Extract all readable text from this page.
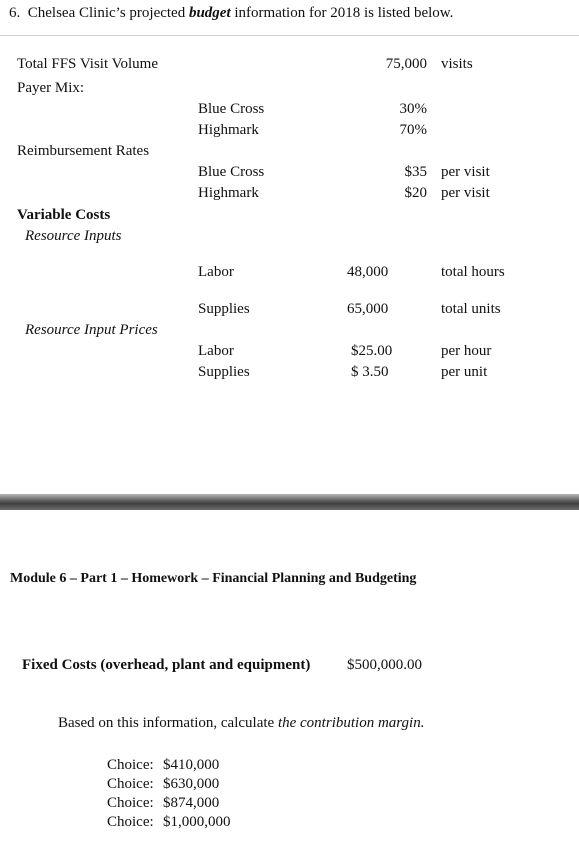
6. Chelsea Clinic’s projected budget information for 2018 is listed below.
Total FFS Visit Volume	75,000 visits
Payer Mix:
Blue Cross	30%
Highmark	70%
Reimbursement Rates
Blue Cross	$35 per visit
Highmark	$20 per visit
Variable Costs
Resource Inputs
Labor	48,000	total hours
Supplies	65,000	total units
Resource Input Prices
Labor	$25.00	per hour
Supplies	$ 3.50	per unit
Module 6 – Part 1 – Homework – Financial Planning and Budgeting
Fixed Costs (overhead, plant and equipment) $500,000.00
Based on this information, calculate the contribution margin.
Choice: $410,000
Choice: $630,000
Choice: $874,000
Choice: $1,000,000
